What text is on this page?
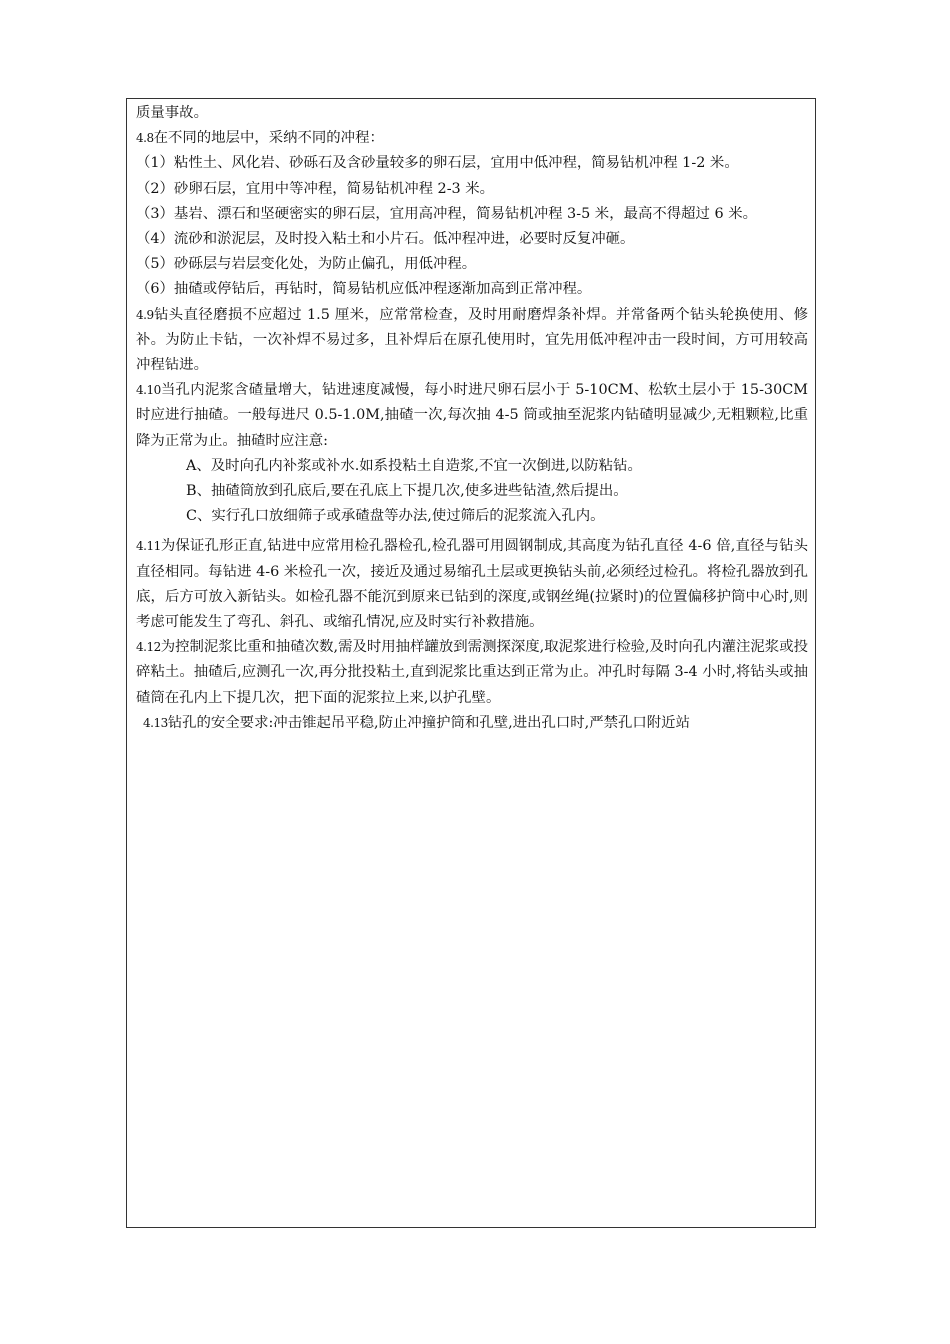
质量事故。

4.8在不同的地层中，采纳不同的冲程：

（1）粘性土、风化岩、砂砾石及含砂量较多的卵石层，宜用中低冲程，简易钻机冲程 1-2 米。

（2）砂卵石层，宜用中等冲程，简易钻机冲程 2-3 米。

（3）基岩、漂石和坚硬密实的卵石层，宜用高冲程，简易钻机冲程 3-5 米，最高不得超过 6 米。

（4）流砂和淤泥层，及时投入粘土和小片石。低冲程冲进，必要时反复冲砸。

（5）砂砾层与岩层变化处，为防止偏孔，用低冲程。

（6）抽碴或停钻后，再钻时，简易钻机应低冲程逐渐加高到正常冲程。

4.9钻头直径磨损不应超过 1.5 厘米，应常常检查，及时用耐磨焊条补焊。并常备两个钻头轮换使用、修补。为防止卡钻，一次补焊不易过多，且补焊后在原孔使用时，宜先用低冲程冲击一段时间，方可用较高冲程钻进。

4.10当孔内泥浆含碴量增大，钻进速度减慢，每小时进尺卵石层小于 5-10CM、松软土层小于 15-30CM 时应进行抽碴。一般每进尺 0.5-1.0M,抽碴一次,每次抽 4-5 筒或抽至泥浆内钻碴明显减少,无粗颗粒,比重降为正常为止。抽碴时应注意:

A、及时向孔内补浆或补水.如系投粘土自造浆,不宜一次倒进,以防粘钻。

B、抽碴筒放到孔底后,要在孔底上下提几次,使多进些钻渣,然后提出。

C、实行孔口放细筛子或承碴盘等办法,使过筛后的泥浆流入孔内。

4.11为保证孔形正直,钻进中应常用检孔器检孔,检孔器可用圆钢制成,其高度为钻孔直径 4-6 倍,直径与钻头直径相同。每钻进 4-6 米检孔一次，接近及通过易缩孔土层或更换钻头前,必须经过检孔。将检孔器放到孔底，后方可放入新钻头。如检孔器不能沉到原来已钻到的深度,或钢丝绳(拉紧时)的位置偏移护筒中心时,则考虑可能发生了弯孔、斜孔、或缩孔情况,应及时实行补救措施。

4.12为控制泥浆比重和抽碴次数,需及时用抽样罐放到需测探深度,取泥浆进行检验,及时向孔内灌注泥浆或投碎粘土。抽碴后,应测孔一次,再分批投粘土,直到泥浆比重达到正常为止。冲孔时每隔 3-4 小时,将钻头或抽碴筒在孔内上下提几次，把下面的泥浆拉上来,以护孔壁。

4.13钻孔的安全要求:冲击锥起吊平稳,防止冲撞护筒和孔壁,进出孔口时,严禁孔口附近站
